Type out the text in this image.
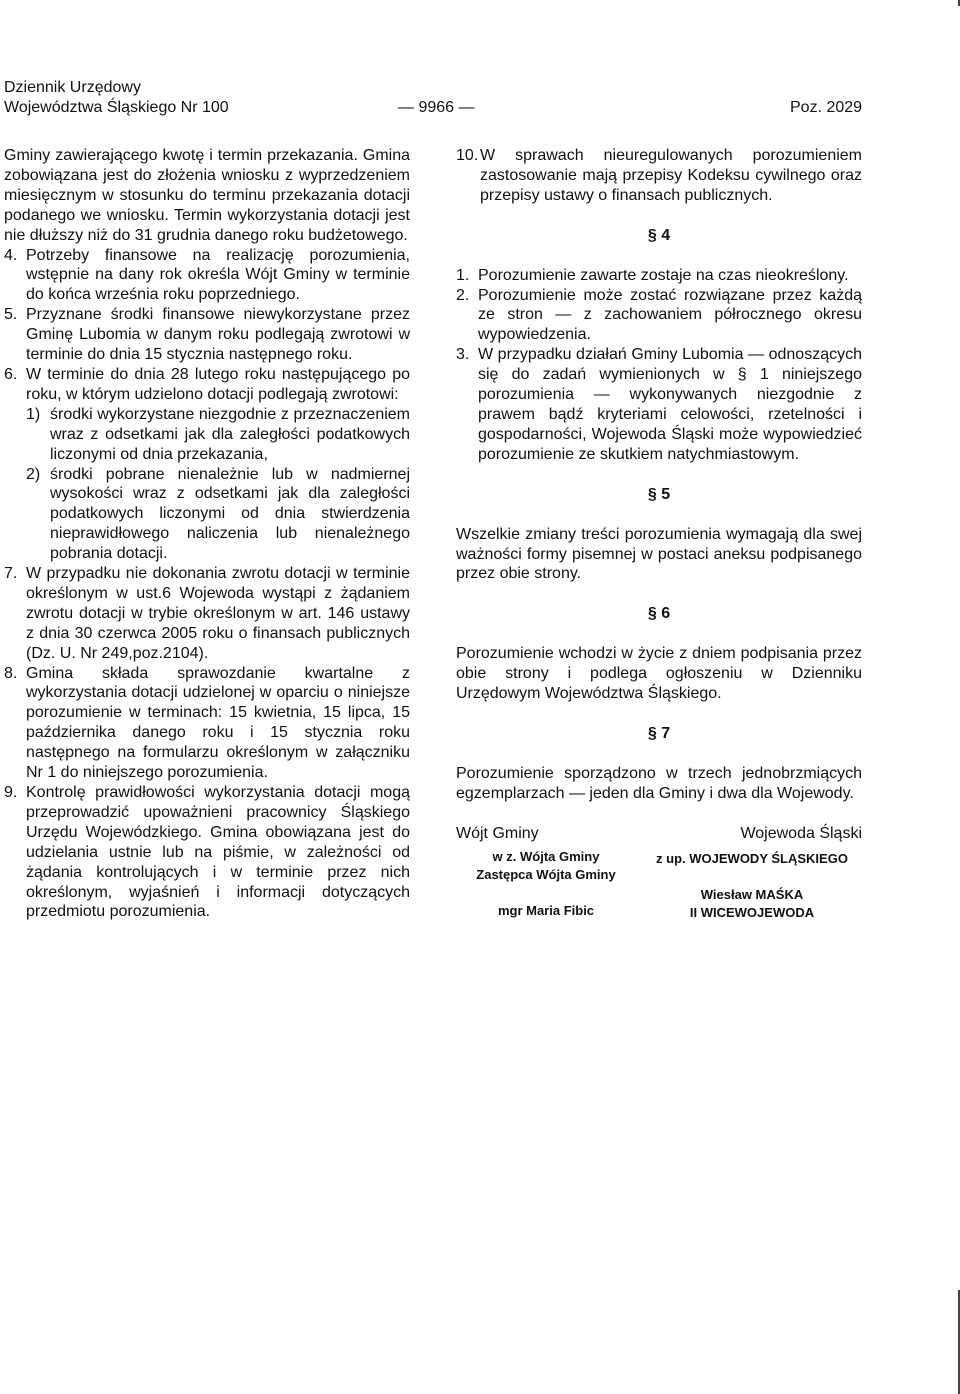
Dziennik Urzędowy
Województwa Śląskiego Nr 100	— 9966 —	Poz. 2029
Gminy zawierającego kwotę i termin przekazania. Gmina zobowiązana jest do złożenia wniosku z wyprzedzeniem miesięcznym w stosunku do terminu przekazania dotacji podanego we wniosku. Termin wykorzystania dotacji jest nie dłuższy niż do 31 grudnia danego roku budżetowego.
4. Potrzeby finansowe na realizację porozumienia, wstępnie na dany rok określa Wójt Gminy w terminie do końca września roku poprzedniego.
5. Przyznane środki finansowe niewykorzystane przez Gminę Lubomia w danym roku podlegają zwrotowi w terminie do dnia 15 stycznia następnego roku.
6. W terminie do dnia 28 lutego roku następującego po roku, w którym udzielono dotacji podlegają zwrotowi:
1) środki wykorzystane niezgodnie z przeznaczeniem wraz z odsetkami jak dla zaległości podatkowych liczonymi od dnia przekazania,
2) środki pobrane nienależnie lub w nadmiernej wysokości wraz z odsetkami jak dla zaległości podatkowych liczonymi od dnia stwierdzenia nieprawidłowego naliczenia lub nienależnego pobrania dotacji.
7. W przypadku nie dokonania zwrotu dotacji w terminie określonym w ust.6 Wojewoda wystąpi z żądaniem zwrotu dotacji w trybie określonym w art. 146 ustawy z dnia 30 czerwca 2005 roku o finansach publicznych (Dz. U. Nr 249,poz.2104).
8. Gmina składa sprawozdanie kwartalne z wykorzystania dotacji udzielonej w oparciu o niniejsze porozumienie w terminach: 15 kwietnia, 15 lipca, 15 października danego roku i 15 stycznia roku następnego na formularzu określonym w załączniku Nr 1 do niniejszego porozumienia.
9. Kontrolę prawidłowości wykorzystania dotacji mogą przeprowadzić upoważnieni pracownicy Śląskiego Urzędu Wojewódzkiego. Gmina obowiązana jest do udzielania ustnie lub na piśmie, w zależności od żądania kontrolujących i w terminie przez nich określonym, wyjaśnień i informacji dotyczących przedmiotu porozumienia.
10. W sprawach nieuregulowanych porozumieniem zastosowanie mają przepisy Kodeksu cywilnego oraz przepisy ustawy o finansach publicznych.
§ 4
1. Porozumienie zawarte zostaje na czas nieokreślony.
2. Porozumienie może zostać rozwiązane przez każdą ze stron — z zachowaniem półrocznego okresu wypowiedzenia.
3. W przypadku działań Gminy Lubomia — odnoszących się do zadań wymienionych w § 1 niniejszego porozumienia — wykonywanych niezgodnie z prawem bądź kryteriami celowości, rzetelności i gospodarności, Wojewoda Śląski może wypowiedzieć porozumienie ze skutkiem natychmiastowym.
§ 5
Wszelkie zmiany treści porozumienia wymagają dla swej ważności formy pisemnej w postaci aneksu podpisanego przez obie strony.
§ 6
Porozumienie wchodzi w życie z dniem podpisania przez obie strony i podlega ogłoszeniu w Dzienniku Urzędowym Województwa Śląskiego.
§ 7
Porozumienie sporządzono w trzech jednobrzmiących egzemplarzach — jeden dla Gminy i dwa dla Wojewody.
Wójt Gminy	Wojewoda Śląski
w z. Wójta Gminy
Zastępca Wójta Gminy
mgr Maria Fibic
z up. WOJEWODY ŚLĄSKIEGO
Wiesław MAŚKA
II WICEWOJEWODA
